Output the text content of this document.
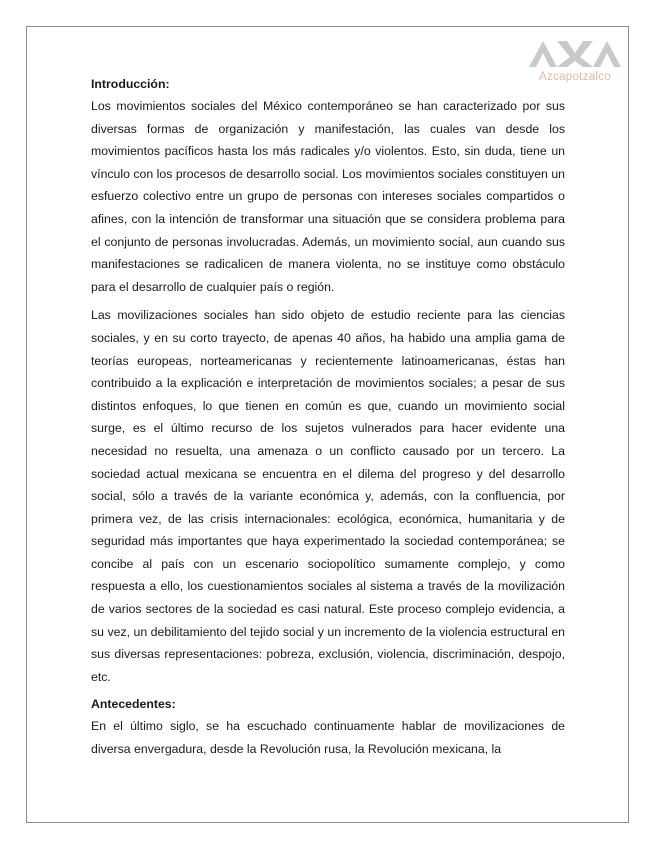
Azcapotzalco

Introducción:

Los movimientos sociales del México contemporáneo se han caracterizado por sus diversas formas de organización y manifestación, las cuales van desde los movimientos pacíficos hasta los más radicales y/o violentos. Esto, sin duda, tiene un vínculo con los procesos de desarrollo social. Los movimientos sociales constituyen un esfuerzo colectivo entre un grupo de personas con intereses sociales compartidos o afines, con la intención de transformar una situación que se considera problema para el conjunto de personas involucradas. Además, un movimiento social, aun cuando sus manifestaciones se radicalicen de manera violenta, no se instituye como obstáculo para el desarrollo de cualquier país o región.

Las movilizaciones sociales han sido objeto de estudio reciente para las ciencias sociales, y en su corto trayecto, de apenas 40 años, ha habido una amplia gama de teorías europeas, norteamericanas y recientemente latinoamericanas, éstas han contribuido a la explicación e interpretación de movimientos sociales; a pesar de sus distintos enfoques, lo que tienen en común es que, cuando un movimiento social surge, es el último recurso de los sujetos vulnerados para hacer evidente una necesidad no resuelta, una amenaza o un conflicto causado por un tercero. La sociedad actual mexicana se encuentra en el dilema del progreso y del desarrollo social, sólo a través de la variante económica y, además, con la confluencia, por primera vez, de las crisis internacionales: ecológica, económica, humanitaria y de seguridad más importantes que haya experimentado la sociedad contemporánea; se concibe al país con un escenario sociopolítico sumamente complejo, y como respuesta a ello, los cuestionamientos sociales al sistema a través de la movilización de varios sectores de la sociedad es casi natural. Este proceso complejo evidencia, a su vez, un debilitamiento del tejido social y un incremento de la violencia estructural en sus diversas representaciones: pobreza, exclusión, violencia, discriminación, despojo, etc.

Antecedentes:

En el último siglo, se ha escuchado continuamente hablar de movilizaciones de diversa envergadura, desde la Revolución rusa, la Revolución mexicana, la
